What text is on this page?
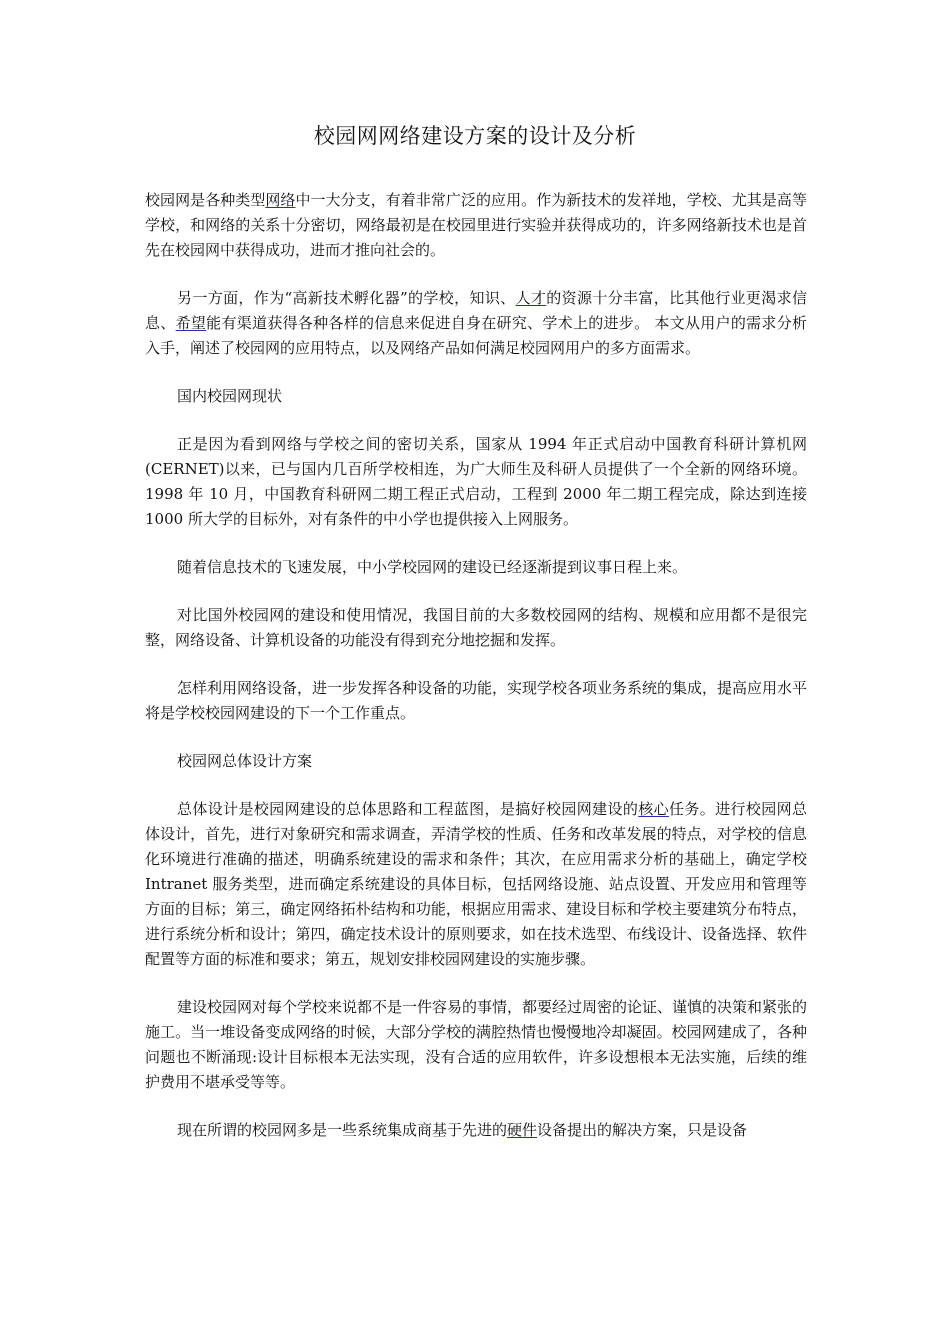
校园网网络建设方案的设计及分析

校园网是各种类型网络中一大分支，有着非常广泛的应用。作为新技术的发祥地，学校、尤其是高等学校，和网络的关系十分密切，网络最初是在校园里进行实验并获得成功的，许多网络新技术也是首先在校园网中获得成功，进而才推向社会的。

另一方面，作为“高新技术孵化器”的学校，知识、人才的资源十分丰富，比其他行业更渴求信息、希望能有渠道获得各种各样的信息来促进自身在研究、学术上的进步。 本文从用户的需求分析入手，阐述了校园网的应用特点，以及网络产品如何满足校园网用户的多方面需求。

国内校园网现状

正是因为看到网络与学校之间的密切关系，国家从 1994 年正式启动中国教育科研计算机网(CERNET)以来，已与国内几百所学校相连，为广大师生及科研人员提供了一个全新的网络环境。1998 年 10 月，中国教育科研网二期工程正式启动，工程到 2000 年二期工程完成，除达到连接 1000 所大学的目标外，对有条件的中小学也提供接入上网服务。

随着信息技术的飞速发展，中小学校园网的建设已经逐渐提到议事日程上来。

对比国外校园网的建设和使用情况，我国目前的大多数校园网的结构、规模和应用都不是很完整，网络设备、计算机设备的功能没有得到充分地挖掘和发挥。

怎样利用网络设备，进一步发挥各种设备的功能，实现学校各项业务系统的集成，提高应用水平将是学校校园网建设的下一个工作重点。

校园网总体设计方案

总体设计是校园网建设的总体思路和工程蓝图，是搞好校园网建设的核心任务。进行校园网总体设计，首先，进行对象研究和需求调查，弄清学校的性质、任务和改革发展的特点，对学校的信息化环境进行准确的描述，明确系统建设的需求和条件；其次，在应用需求分析的基础上，确定学校 Intranet 服务类型，进而确定系统建设的具体目标，包括网络设施、站点设置、开发应用和管理等方面的目标；第三，确定网络拓朴结构和功能，根据应用需求、建设目标和学校主要建筑分布特点，进行系统分析和设计；第四，确定技术设计的原则要求，如在技术选型、布线设计、设备选择、软件配置等方面的标准和要求；第五，规划安排校园网建设的实施步骤。

建设校园网对每个学校来说都不是一件容易的事情，都要经过周密的论证、谨慎的决策和紧张的施工。当一堆设备变成网络的时候，大部分学校的满腔热情也慢慢地冷却凝固。校园网建成了，各种问题也不断涌现:设计目标根本无法实现，没有合适的应用软件，许多设想根本无法实施，后续的维护费用不堪承受等等。

现在所谓的校园网多是一些系统集成商基于先进的硬件设备提出的解决方案，只是设备
